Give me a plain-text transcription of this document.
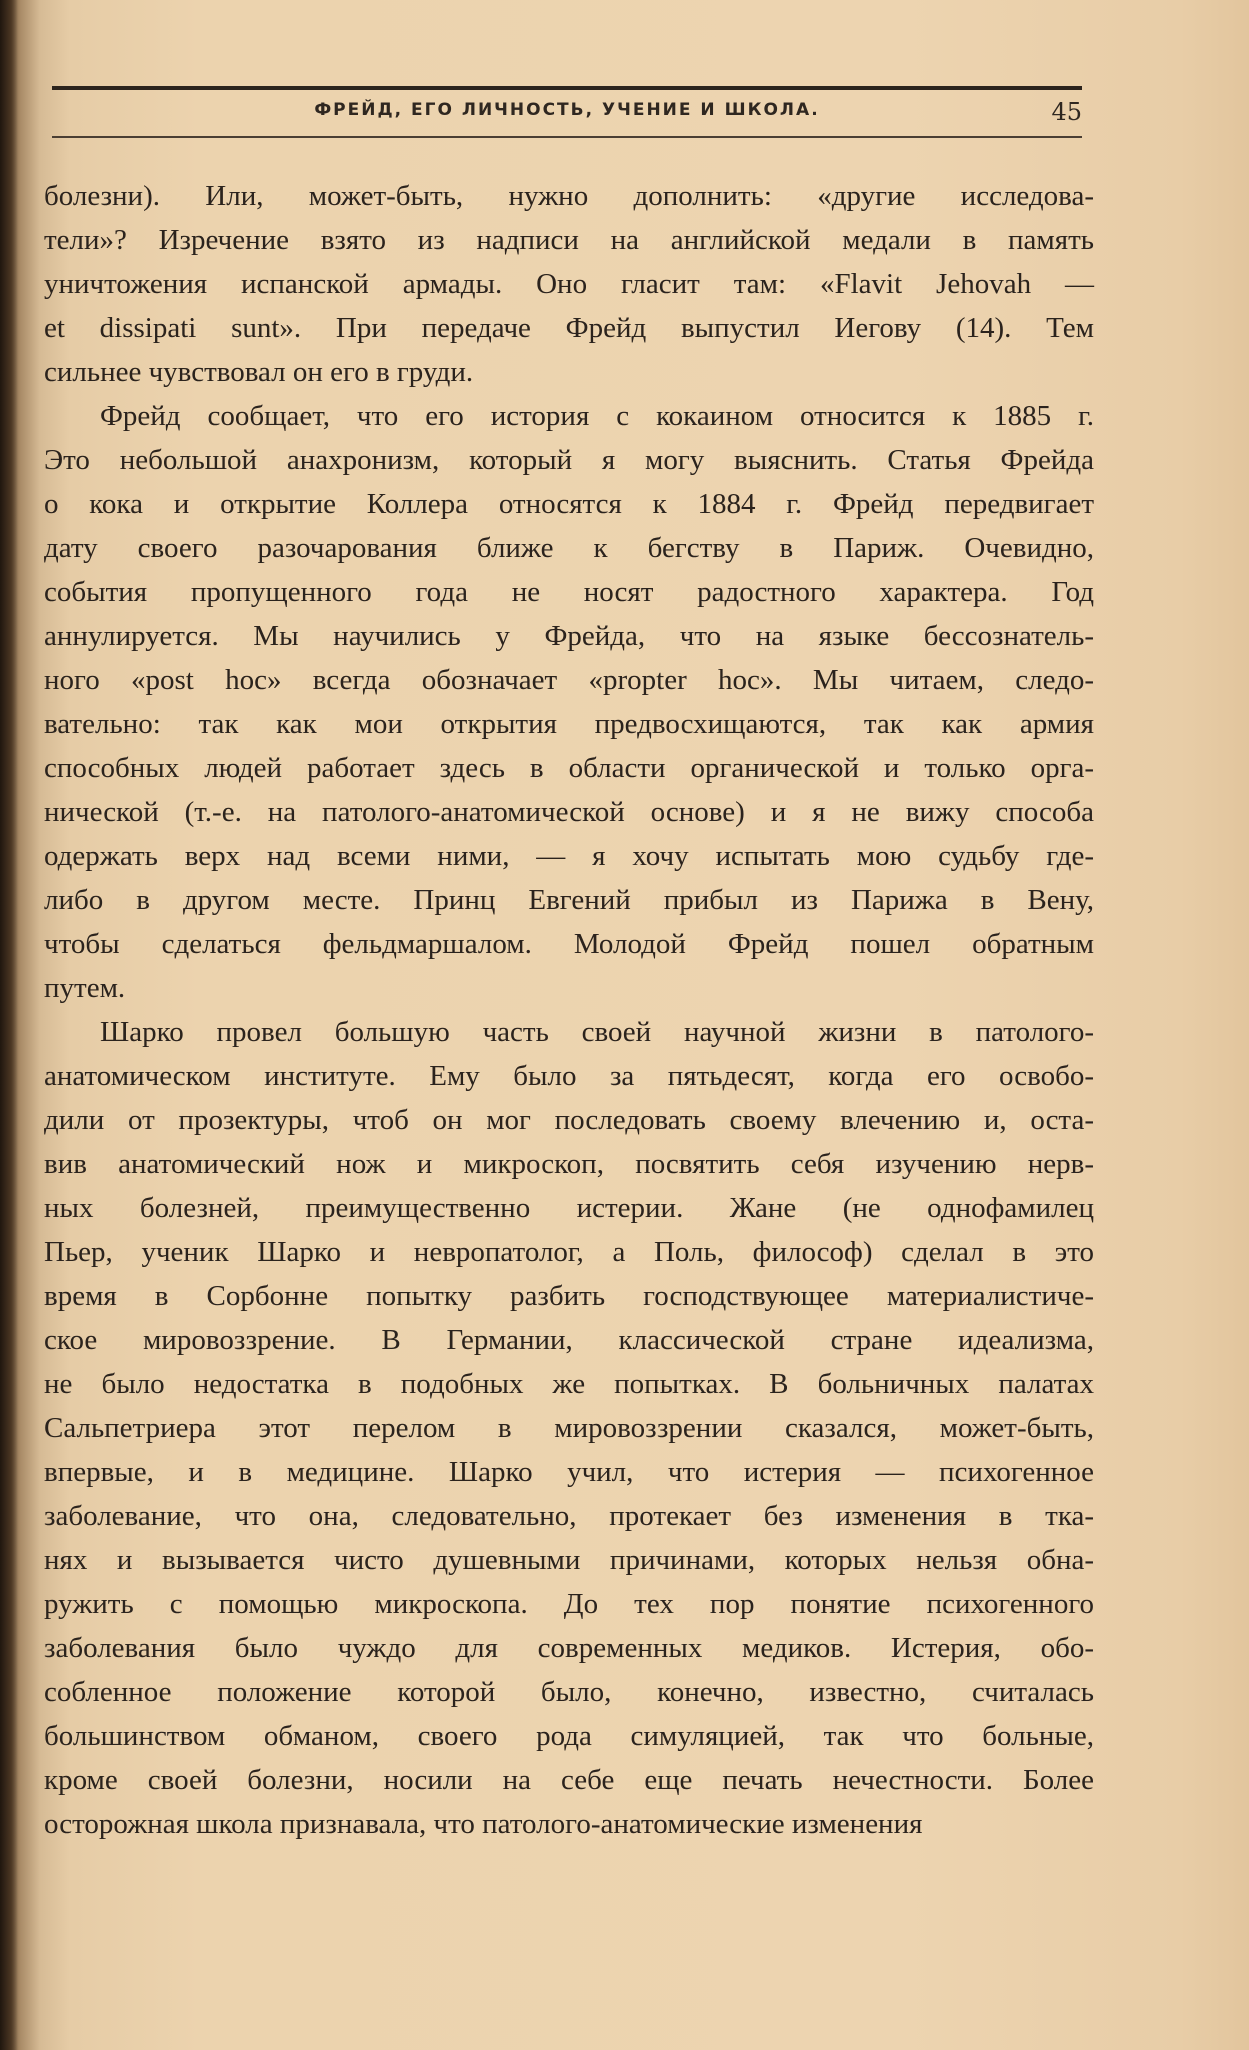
ФРЕЙД, ЕГО ЛИЧНОСТЬ, УЧЕНИЕ И ШКОЛА.	45
болезни). Или, может-быть, нужно дополнить: «другие исследова-
тели»? Изречение взято из надписи на английской медали в память
уничтожения испанской армады. Оно гласит там: «Flavit Jehovah —
et dissipati sunt». При передаче Фрейд выпустил Иегову (14). Тем
сильнее чувствовал он его в груди.
Фрейд сообщает, что его история с кокаином относится к 1885 г.
Это небольшой анахронизм, который я могу выяснить. Статья Фрейда
о кока и открытие Коллера относятся к 1884 г. Фрейд передвигает
дату своего разочарования ближе к бегству в Париж. Очевидно,
события пропущенного года не носят радостного характера. Год
аннулируется. Мы научились у Фрейда, что на языке бессознатель-
ного «post hoc» всегда обозначает «propter hoc». Мы читаем, следо-
вательно: так как мои открытия предвосхищаются, так как армия
способных людей работает здесь в области органической и только орга-
нической (т.-е. на патолого-анатомической основе) и я не вижу способа
одержать верх над всеми ними, — я хочу испытать мою судьбу где-
либо в другом месте. Принц Евгений прибыл из Парижа в Вену,
чтобы сделаться фельдмаршалом. Молодой Фрейд пошел обратным
путем.
Шарко провел большую часть своей научной жизни в патолого-
анатомическом институте. Ему было за пятьдесят, когда его освобо-
дили от прозектуры, чтоб он мог последовать своему влечению и, оста-
вив анатомический нож и микроскоп, посвятить себя изучению нерв-
ных болезней, преимущественно истерии. Жане (не однофамилец
Пьер, ученик Шарко и невропатолог, а Поль, философ) сделал в это
время в Сорбонне попытку разбить господствующее материалистиче-
ское мировоззрение. В Германии, классической стране идеализма,
не было недостатка в подобных же попытках. В больничных палатах
Сальпетриера этот перелом в мировоззрении сказался, может-быть,
впервые, и в медицине. Шарко учил, что истерия — психогенное
заболевание, что она, следовательно, протекает без изменения в тка-
нях и вызывается чисто душевными причинами, которых нельзя обна-
ружить с помощью микроскопа. До тех пор понятие психогенного
заболевания было чуждо для современных медиков. Истерия, обо-
собленное положение которой было, конечно, известно, считалась
большинством обманом, своего рода симуляцией, так что больные,
кроме своей болезни, носили на себе еще печать нечестности. Более
осторожная школа признавала, что патолого-анатомические изменения
